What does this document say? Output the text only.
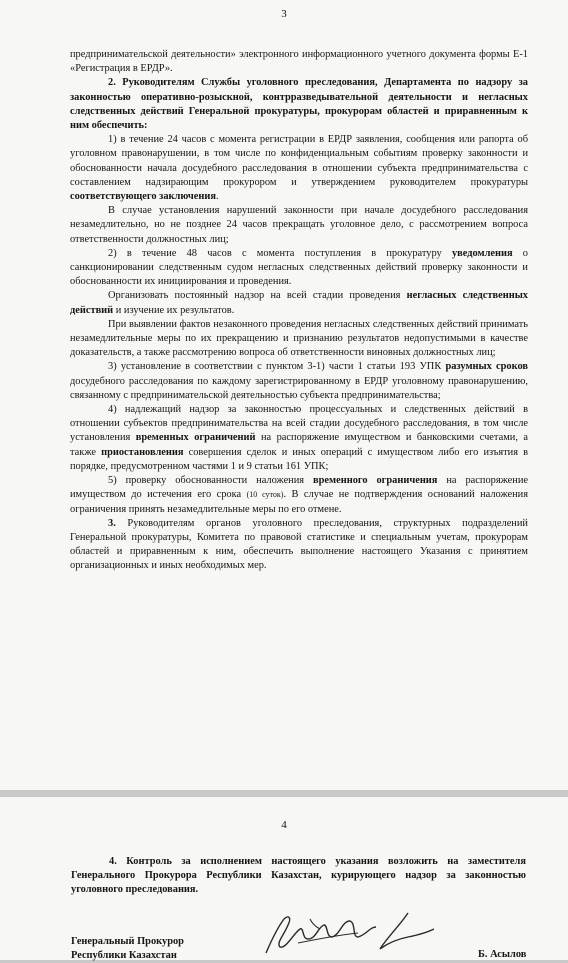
3

предпринимательской деятельности» электронного информационного учетного документа формы Е-1 «Регистрация в ЕРДР».

2. Руководителям Службы уголовного преследования, Департамента по надзору за законностью оперативно-розыскной, контрразведывательной деятельности и негласных следственных действий Генеральной прокуратуры, прокурорам областей и приравненным к ним обеспечить:

1) в течение 24 часов с момента регистрации в ЕРДР заявления, сообщения или рапорта об уголовном правонарушении, в том числе по конфиденциальным событиям проверку законности и обоснованности начала досудебного расследования в отношении субъекта предпринимательства с составлением надзирающим прокурором и утверждением руководителем прокуратуры соответствующего заключения.

В случае установления нарушений законности при начале досудебного расследования незамедлительно, но не позднее 24 часов прекращать уголовное дело, с рассмотрением вопроса ответственности должностных лиц;

2) в течение 48 часов с момента поступления в прокуратуру уведомления о санкционировании следственным судом негласных следственных действий проверку законности и обоснованности их инициирования и проведения.

Организовать постоянный надзор на всей стадии проведения негласных следственных действий и изучение их результатов.

При выявлении фактов незаконного проведения негласных следственных действий принимать незамедлительные меры по их прекращению и признанию результатов недопустимыми в качестве доказательств, а также рассмотрению вопроса об ответственности виновных должностных лиц;

3) установление в соответствии с пунктом 3-1) части 1 статьи 193 УПК разумных сроков досудебного расследования по каждому зарегистрированному в ЕРДР уголовному правонарушению, связанному с предпринимательской деятельностью субъекта предпринимательства;

4) надлежащий надзор за законностью процессуальных и следственных действий в отношении субъектов предпринимательства на всей стадии досудебного расследования, в том числе установления временных ограничений на распоряжение имуществом и банковскими счетами, а также приостановления совершения сделок и иных операций с имуществом либо его изъятия в порядке, предусмотренном частями 1 и 9 статьи 161 УПК;

5) проверку обоснованности наложения временного ограничения на распоряжение имуществом до истечения его срока (10 суток). В случае не подтверждения оснований наложения ограничения принять незамедлительные меры по его отмене.

3. Руководителям органов уголовного преследования, структурных подразделений Генеральной прокуратуры, Комитета по правовой статистике и специальным учетам, прокурорам областей и приравненным к ним, обеспечить выполнение настоящего Указания с принятием организационных и иных необходимых мер.

4

4. Контроль за исполнением настоящего указания возложить на заместителя Генерального Прокурора Республики Казахстан, курирующего надзор за законностью уголовного преследования.

Генеральный Прокурор
Республики Казахстан	Б. Асылов
